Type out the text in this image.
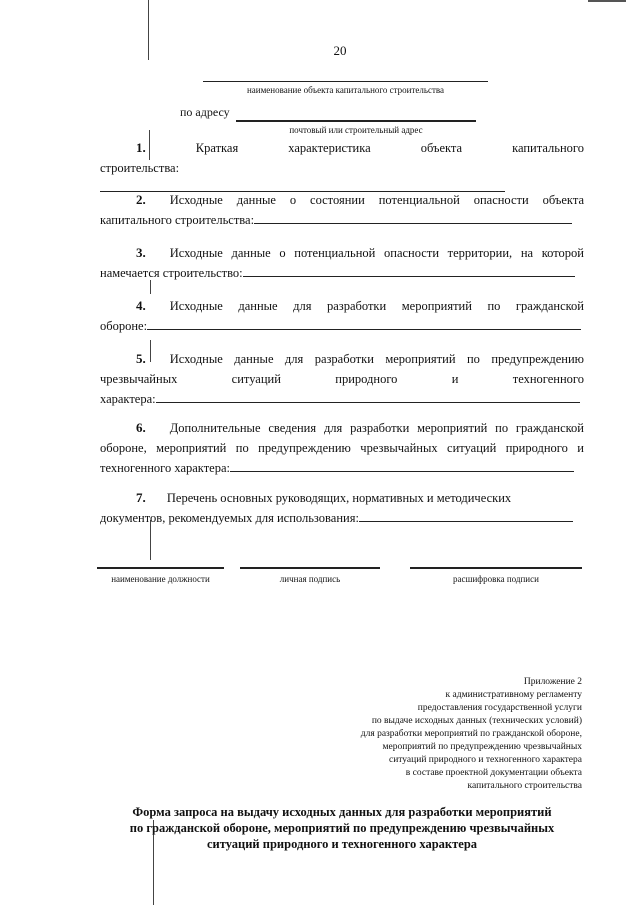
20
наименование объекта капитального строительства
по адресу
почтовый или строительный адрес
1.	Краткая	характеристика	объекта	капитального
строительства:
2. Исходные данные о состоянии потенциальной опасности объекта
капитального строительства:
3. Исходные данные о потенциальной опасности территории, на которой
намечается строительство:
4. Исходные данные для разработки мероприятий по гражданской
обороне:
5. Исходные данные для разработки мероприятий по предупреждению
чрезвычайных	ситуаций	природного	и	техногенного
характера:
6. Дополнительные сведения для разработки мероприятий по гражданской
обороне, мероприятий по предупреждению чрезвычайных ситуаций природного и
техногенного характера:
7. Перечень основных руководящих, нормативных и методических
документов, рекомендуемых для использования:
наименование должности	личная подпись	расшифровка подписи
Приложение 2
к административному регламенту
предоставления государственной услуги
по выдаче исходных данных (технических условий)
для разработки мероприятий по гражданской обороне,
мероприятий по предупреждению чрезвычайных
ситуаций природного и техногенного характера
в составе проектной документации объекта
капитального строительства
Форма запроса на выдачу исходных данных для разработки мероприятий
по гражданской обороне, мероприятий по предупреждению чрезвычайных
ситуаций природного и техногенного характера
